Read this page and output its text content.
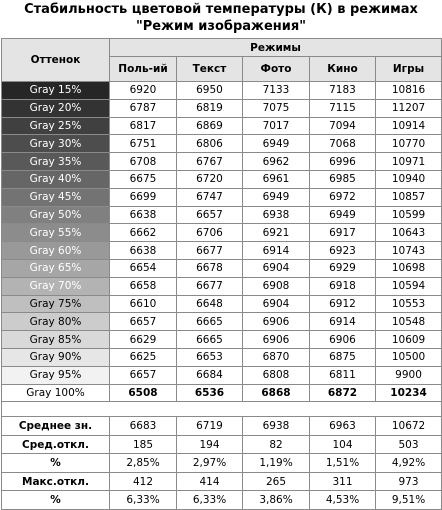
Стабильность цветовой температуры (К) в режимах
"Режим изображения"
Оттенок	Режимы				
	Поль-ий	Текст	Фото	Кино	Игры
Gray 15%	6920	6950	7133	7183	10816
Gray 20%	6787	6819	7075	7115	11207
Gray 25%	6817	6869	7017	7094	10914
Gray 30%	6751	6806	6949	7068	10770
Gray 35%	6708	6767	6962	6996	10971
Gray 40%	6675	6720	6961	6985	10940
Gray 45%	6699	6747	6949	6972	10857
Gray 50%	6638	6657	6938	6949	10599
Gray 55%	6662	6706	6921	6917	10643
Gray 60%	6638	6677	6914	6923	10743
Gray 65%	6654	6678	6904	6929	10698
Gray 70%	6658	6677	6908	6918	10594
Gray 75%	6610	6648	6904	6912	10553
Gray 80%	6657	6665	6906	6914	10548
Gray 85%	6629	6665	6906	6906	10609
Gray 90%	6625	6653	6870	6875	10500
Gray 95%	6657	6684	6808	6811	9900
Gray 100%	6508	6536	6868	6872	10234

Среднее зн.	6683	6719	6938	6963	10672
Сред.откл.	185	194	82	104	503
%	2,85%	2,97%	1,19%	1,51%	4,92%
Макс.откл.	412	414	265	311	973
%	6,33%	6,33%	3,86%	4,53%	9,51%
